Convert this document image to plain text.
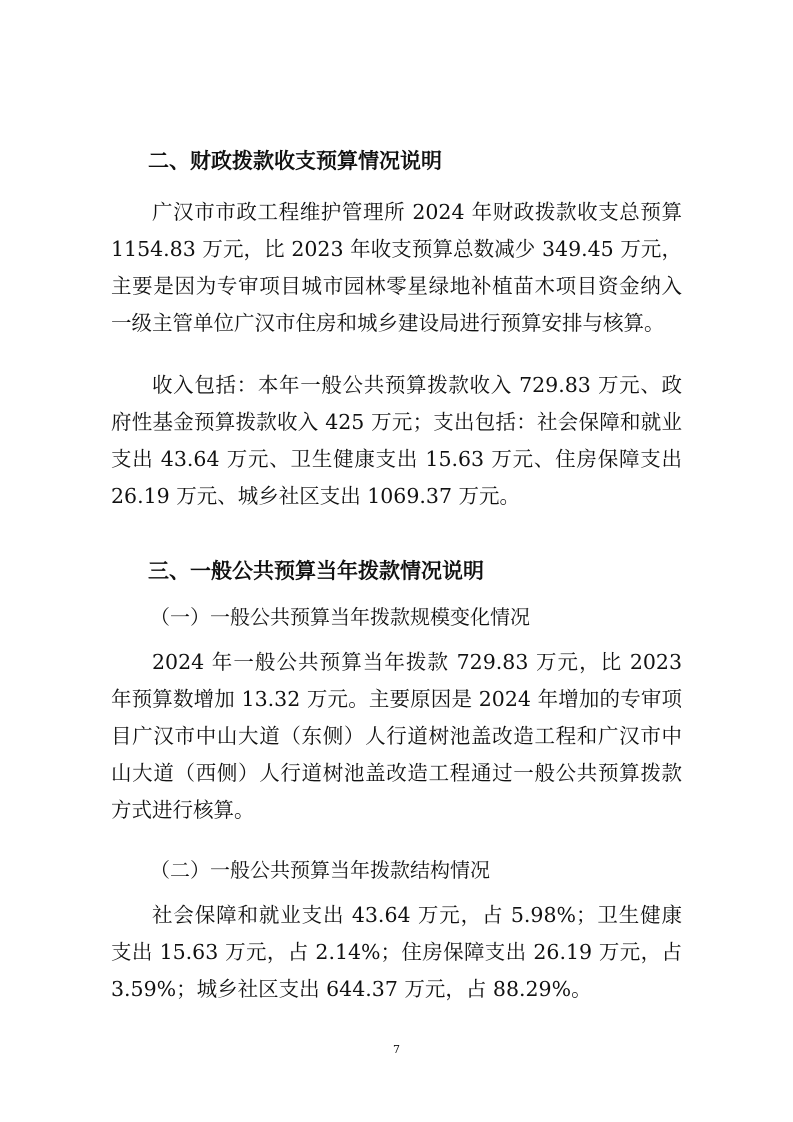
二、财政拨款收支预算情况说明
广汉市市政工程维护管理所 2024 年财政拨款收支总预算 1154.83 万元，比 2023 年收支预算总数减少 349.45 万元，主要是因为专审项目城市园林零星绿地补植苗木项目资金纳入一级主管单位广汉市住房和城乡建设局进行预算安排与核算。
收入包括：本年一般公共预算拨款收入 729.83 万元、政府性基金预算拨款收入 425 万元；支出包括：社会保障和就业支出 43.64 万元、卫生健康支出 15.63 万元、住房保障支出 26.19 万元、城乡社区支出 1069.37 万元。
三、一般公共预算当年拨款情况说明
（一）一般公共预算当年拨款规模变化情况
2024 年一般公共预算当年拨款 729.83 万元，比 2023 年预算数增加 13.32 万元。主要原因是 2024 年增加的专审项目广汉市中山大道（东侧）人行道树池盖改造工程和广汉市中山大道（西侧）人行道树池盖改造工程通过一般公共预算拨款方式进行核算。
（二）一般公共预算当年拨款结构情况
社会保障和就业支出 43.64 万元，占 5.98%；卫生健康支出 15.63 万元，占 2.14%；住房保障支出 26.19 万元，占 3.59%；城乡社区支出 644.37 万元，占 88.29%。
7
